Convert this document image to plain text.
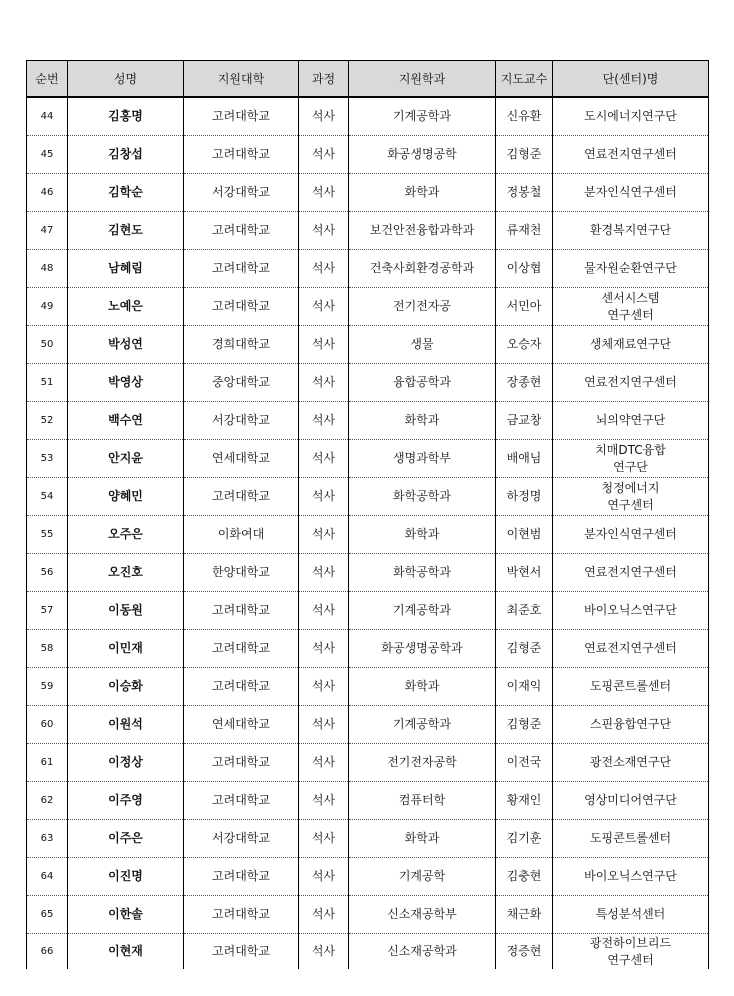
순번	성명	지원대학	과정	지원학과	지도교수	단(센터)명
44	김홍명	고려대학교	석사	기계공학과	신유환	도시에너지연구단
45	김창섭	고려대학교	석사	화공생명공학	김형준	연료전지연구센터
46	김학순	서강대학교	석사	화학과	정봉철	분자인식연구센터
47	김현도	고려대학교	석사	보건안전융합과학과	류재천	환경복지연구단
48	남혜림	고려대학교	석사	건축사회환경공학과	이상협	물자원순환연구단
49	노예은	고려대학교	석사	전기전자공	서민아	센서시스템
연구센터
50	박성연	경희대학교	석사	생물	오승자	생체재료연구단
51	박영상	중앙대학교	석사	융합공학과	장종현	연료전지연구센터
52	백수연	서강대학교	석사	화학과	금교창	뇌의약연구단
53	안지윤	연세대학교	석사	생명과학부	배애님	치매DTC융합
연구단
54	양혜민	고려대학교	석사	화학공학과	하정명	청정에너지
연구센터
55	오주은	이화여대	석사	화학과	이현범	분자인식연구센터
56	오진호	한양대학교	석사	화학공학과	박현서	연료전지연구센터
57	이동원	고려대학교	석사	기계공학과	최준호	바이오닉스연구단
58	이민재	고려대학교	석사	화공생명공학과	김형준	연료전지연구센터
59	이승화	고려대학교	석사	화학과	이재익	도핑콘트롤센터
60	이원석	연세대학교	석사	기계공학과	김형준	스핀융합연구단
61	이정상	고려대학교	석사	전기전자공학	이전국	광전소재연구단
62	이주영	고려대학교	석사	컴퓨터학	황재인	영상미디어연구단
63	이주은	서강대학교	석사	화학과	김기훈	도핑콘트롤센터
64	이진명	고려대학교	석사	기계공학	김충현	바이오닉스연구단
65	이한솔	고려대학교	석사	신소재공학부	채근화	특성분석센터
66	이현재	고려대학교	석사	신소재공학과	정증현	광전하이브리드
연구센터
